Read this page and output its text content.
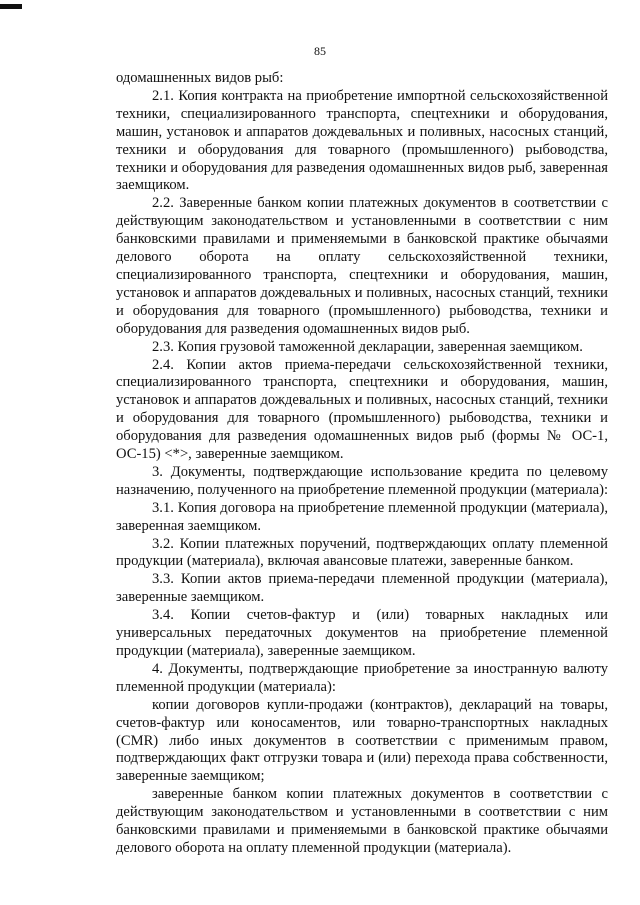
85

одомашненных видов рыб:

2.1. Копия контракта на приобретение импортной сельскохозяйственной техники, специализированного транспорта, спецтехники и оборудования, машин, установок и аппаратов дождевальных и поливных, насосных станций, техники и оборудования для товарного (промышленного) рыбоводства, техники и оборудования для разведения одомашненных видов рыб, заверенная заемщиком.

2.2. Заверенные банком копии платежных документов в соответствии с действующим законодательством и установленными в соответствии с ним банковскими правилами и применяемыми в банковской практике обычаями делового оборота на оплату сельскохозяйственной техники, специализированного транспорта, спецтехники и оборудования, машин, установок и аппаратов дождевальных и поливных, насосных станций, техники и оборудования для товарного (промышленного) рыбоводства, техники и оборудования для разведения одомашненных видов рыб.

2.3. Копия грузовой таможенной декларации, заверенная заемщиком.

2.4. Копии актов приема-передачи сельскохозяйственной техники, специализированного транспорта, спецтехники и оборудования, машин, установок и аппаратов дождевальных и поливных, насосных станций, техники и оборудования для товарного (промышленного) рыбоводства, техники и оборудования для разведения одомашненных видов рыб (формы № ОС-1, ОС-15) <*>, заверенные заемщиком.

3. Документы, подтверждающие использование кредита по целевому назначению, полученного на приобретение племенной продукции (материала):

3.1. Копия договора на приобретение племенной продукции (материала), заверенная заемщиком.

3.2. Копии платежных поручений, подтверждающих оплату племенной продукции (материала), включая авансовые платежи, заверенные банком.

3.3. Копии актов приема-передачи племенной продукции (материала), заверенные заемщиком.

3.4. Копии счетов-фактур и (или) товарных накладных или универсальных передаточных документов на приобретение племенной продукции (материала), заверенные заемщиком.

4. Документы, подтверждающие приобретение за иностранную валюту племенной продукции (материала):

копии договоров купли-продажи (контрактов), деклараций на товары, счетов-фактур или коносаментов, или товарно-транспортных накладных (CMR) либо иных документов в соответствии с применимым правом, подтверждающих факт отгрузки товара и (или) перехода права собственности, заверенные заемщиком;

заверенные банком копии платежных документов в соответствии с действующим законодательством и установленными в соответствии с ним банковскими правилами и применяемыми в банковской практике обычаями делового оборота на оплату племенной продукции (материала).
